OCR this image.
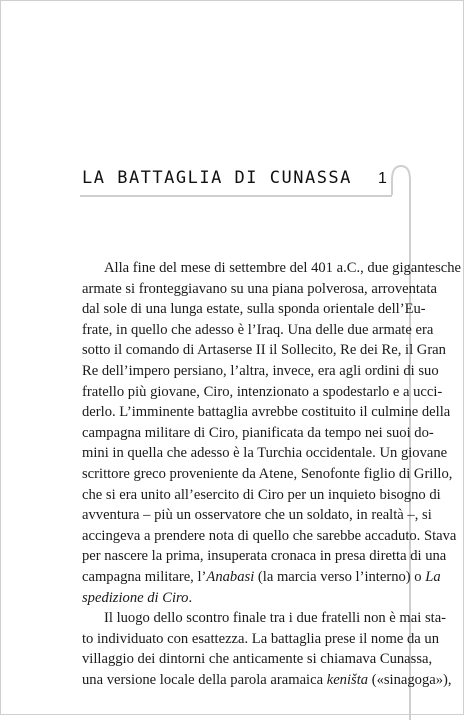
LA BATTAGLIA DI CUNASSA 1
Alla fine del mese di settembre del 401 a.C., due gigantesche
armate si fronteggiavano su una piana polverosa, arroventata
dal sole di una lunga estate, sulla sponda orientale dell’Eu-
frate, in quello che adesso è l’Iraq. Una delle due armate era
sotto il comando di Artaserse II il Sollecito, Re dei Re, il Gran
Re dell’impero persiano, l’altra, invece, era agli ordini di suo
fratello più giovane, Ciro, intenzionato a spodestarlo e a ucci-
derlo. L’imminente battaglia avrebbe costituito il culmine della
campagna militare di Ciro, pianificata da tempo nei suoi do-
mini in quella che adesso è la Turchia occidentale. Un giovane
scrittore greco proveniente da Atene, Senofonte figlio di Grillo,
che si era unito all’esercito di Ciro per un inquieto bisogno di
avventura – più un osservatore che un soldato, in realtà –, si
accingeva a prendere nota di quello che sarebbe accaduto. Stava
per nascere la prima, insuperata cronaca in presa diretta di una
campagna militare, l’Anabasi (la marcia verso l’interno) o La
spedizione di Ciro.
Il luogo dello scontro finale tra i due fratelli non è mai sta-
to individuato con esattezza. La battaglia prese il nome da un
villaggio dei dintorni che anticamente si chiamava Cunassa,
una versione locale della parola aramaica keništa («sinagoga»),
